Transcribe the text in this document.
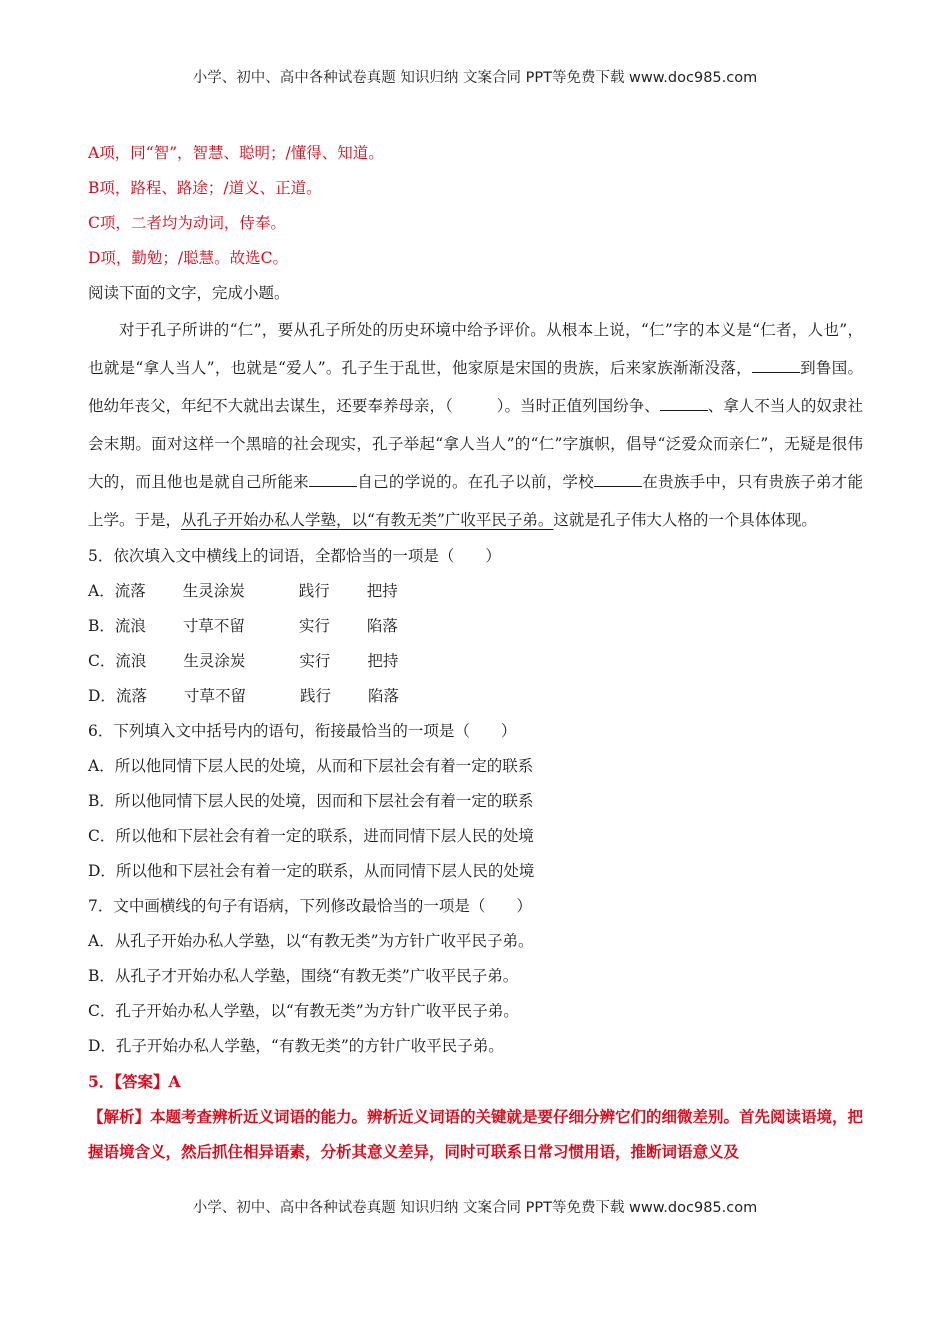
小学、初中、高中各种试卷真题 知识归纳 文案合同 PPT等免费下载 www.doc985.com
A项，同“智”，智慧、聪明；/懂得、知道。
B项，路程、路途；/道义、正道。
C项，二者均为动词，侍奉。
D项，勤勉；/聪慧。故选C。
阅读下面的文字，完成小题。

对于孔子所讲的“仁”，要从孔子所处的历史环境中给予评价。从根本上说，“仁”字的本义是“仁者，人也”，也就是“拿人当人”，也就是“爱人”。孔子生于乱世，他家原是宋国的贵族，后来家族渐渐没落，	到鲁国。他幼年丧父，年纪不大就出去谋生，还要奉养母亲，（	）。当时正值列国纷争、	、拿人不当人的奴隶社会末期。面对这样一个黑暗的社会现实，孔子举起“拿人当人”的“仁”字旗帜，倡导“泛爱众而亲仁”，无疑是很伟大的，而且他也是就自己所能来	自己的学说的。在孔子以前，学校	在贵族手中，只有贵族子弟才能上学。于是，从孔子开始办私人学塾，以“有教无类”广收平民子弟。这就是孔子伟大人格的一个具体体现。

5．依次填入文中横线上的词语，全都恰当的一项是（　　）
A．流落 生灵涂炭	践行 把持
B．流浪 寸草不留	实行 陷落
C．流浪 生灵涂炭	实行 把持
D．流落 寸草不留	践行 陷落
6．下列填入文中括号内的语句，衔接最恰当的一项是（　　）
A．所以他同情下层人民的处境，从而和下层社会有着一定的联系
B．所以他同情下层人民的处境，因而和下层社会有着一定的联系
C．所以他和下层社会有着一定的联系，进而同情下层人民的处境
D．所以他和下层社会有着一定的联系，从而同情下层人民的处境
7．文中画横线的句子有语病，下列修改最恰当的一项是（　　）
A．从孔子开始办私人学塾，以“有教无类”为方针广收平民子弟。
B．从孔子才开始办私人学塾，围绕“有教无类”广收平民子弟。
C．孔子开始办私人学塾，以“有教无类”为方针广收平民子弟。
D．孔子开始办私人学塾，“有教无类”的方针广收平民子弟。
5．【答案】A
【解析】本题考查辨析近义词语的能力。辨析近义词语的关键就是要仔细分辨它们的细微差别。首先阅读语境，把握语境含义，然后抓住相异语素，分析其意义差异，同时可联系日常习惯用语，推断词语意义及
小学、初中、高中各种试卷真题 知识归纳 文案合同 PPT等免费下载 www.doc985.com
